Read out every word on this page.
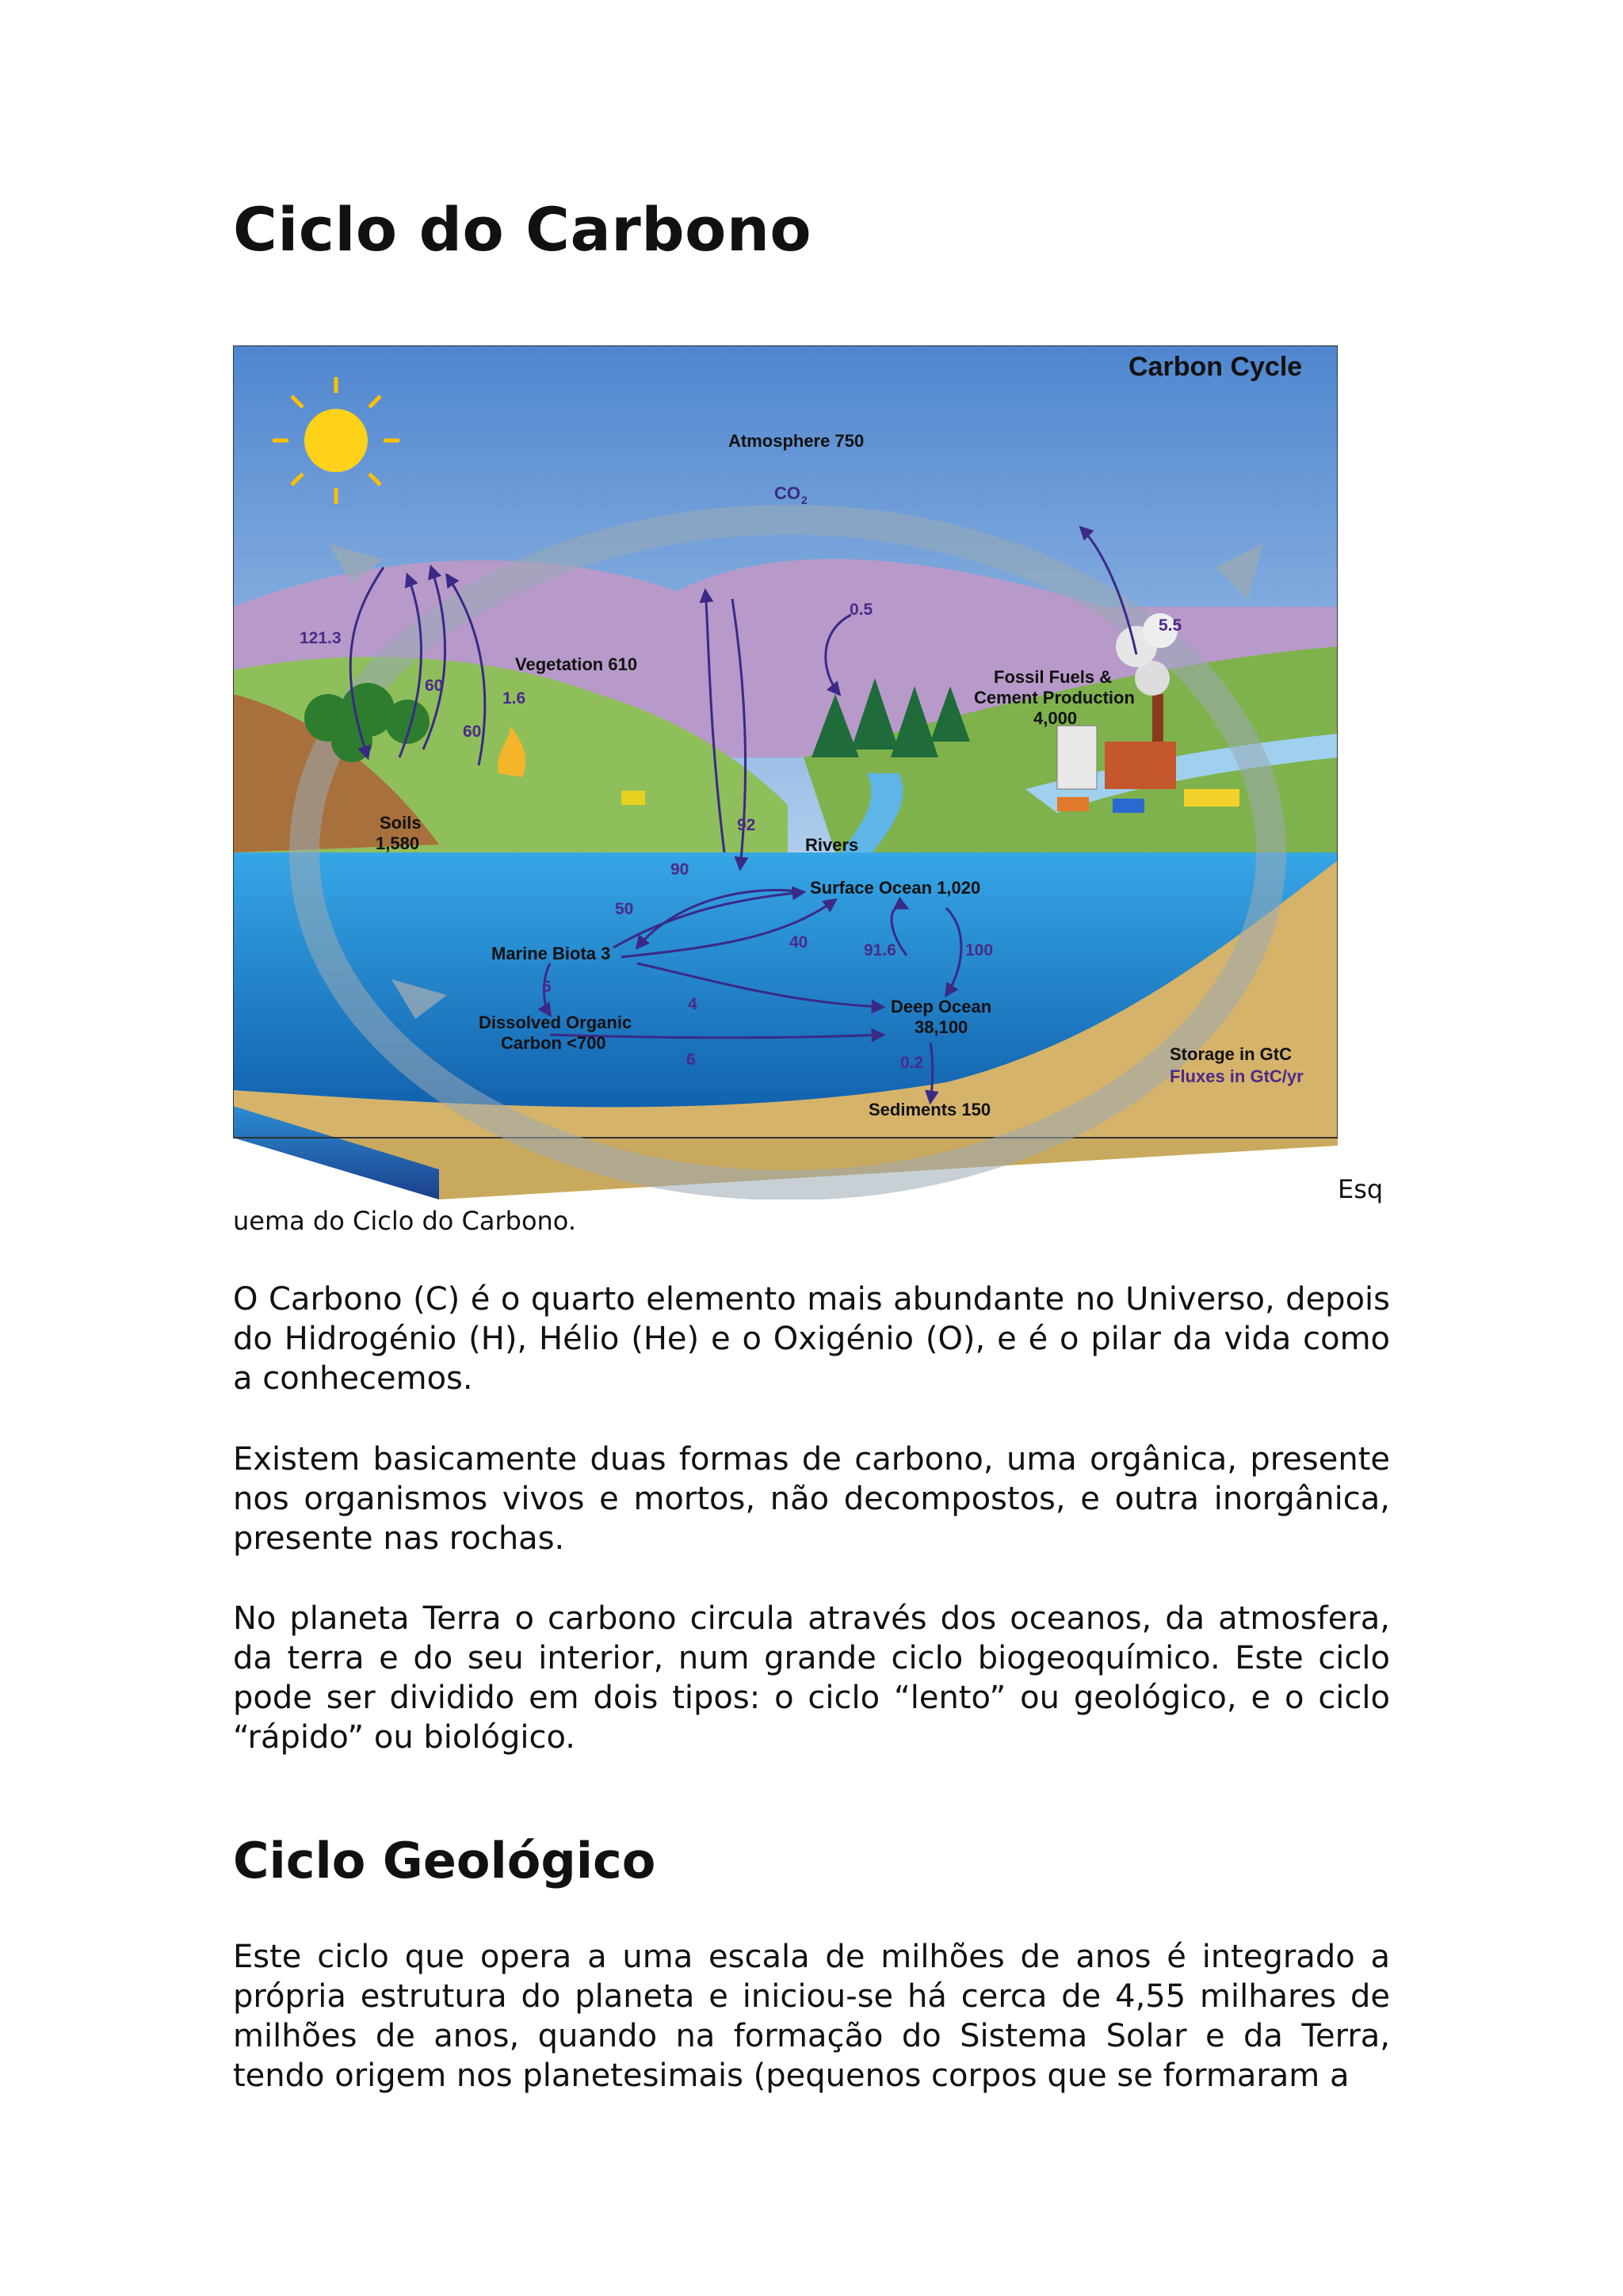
Ciclo do Carbono
Carbon Cycle
Atmosphere 750
CO 2
Vegetation 610
Soils
1,580
Fossil Fuels &
Cement Production
4,000
Rivers
Surface Ocean 1,020
Marine Biota 3
Dissolved Organic
Carbon <700
Deep Ocean
38,100
Sediments 150
Storage in GtC
Fluxes in GtC/yr
121.3
60
60
1.6
0.5
5.5
92
90
50
40	91.6	100
6
4
6	0.2
Esq
uema do Ciclo do Carbono.

O Carbono (C) é o quarto elemento mais abundante no Universo, depois do Hidrogénio (H), Hélio (He) e o Oxigénio (O), e é o pilar da vida como a conhecemos.

Existem basicamente duas formas de carbono, uma orgânica, presente nos organismos vivos e mortos, não decompostos, e outra inorgânica, presente nas rochas.

No planeta Terra o carbono circula através dos oceanos, da atmosfera, da terra e do seu interior, num grande ciclo biogeoquímico. Este ciclo pode ser dividido em dois tipos: o ciclo “lento” ou geológico, e o ciclo “rápido” ou biológico.

Ciclo Geológico

Este ciclo que opera a uma escala de milhões de anos é integrado a própria estrutura do planeta e iniciou-se há cerca de 4,55 milhares de milhões de anos, quando na formação do Sistema Solar e da Terra, tendo origem nos planetesimais (pequenos corpos que se formaram a
